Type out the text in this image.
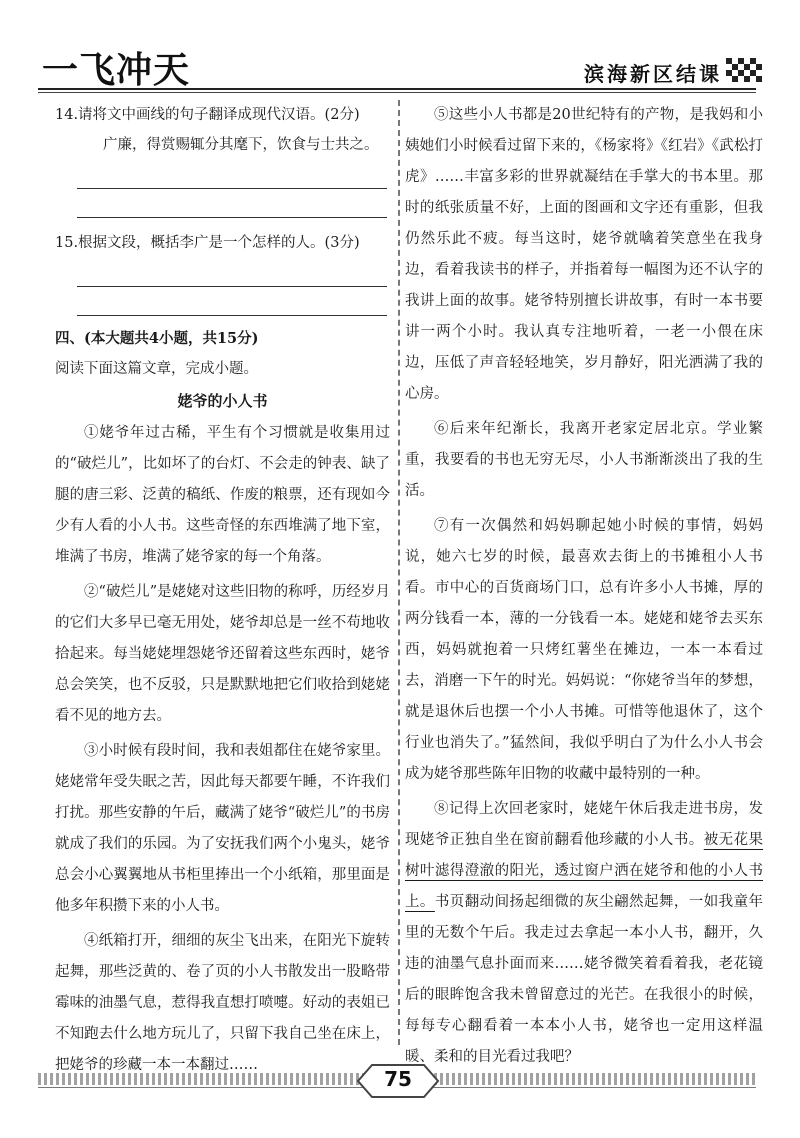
一飞冲天	滨海新区结课

14.请将文中画线的句子翻译成现代汉语。(2分)

广廉，得赏赐辄分其麾下，饮食与士共之。

15.根据文段，概括李广是一个怎样的人。(3分)

四、(本大题共4小题，共15分)

阅读下面这篇文章，完成小题。

姥爷的小人书

①姥爷年过古稀，平生有个习惯就是收集用过的“破烂儿”，比如坏了的台灯、不会走的钟表、缺了腿的唐三彩、泛黄的稿纸、作废的粮票，还有现如今少有人看的小人书。这些奇怪的东西堆满了地下室，堆满了书房，堆满了姥爷家的每一个角落。

②“破烂儿”是姥姥对这些旧物的称呼，历经岁月的它们大多早已毫无用处，姥爷却总是一丝不苟地收拾起来。每当姥姥埋怨姥爷还留着这些东西时，姥爷总会笑笑，也不反驳，只是默默地把它们收拾到姥姥看不见的地方去。

③小时候有段时间，我和表姐都住在姥爷家里。姥姥常年受失眠之苦，因此每天都要午睡，不许我们打扰。那些安静的午后，藏满了姥爷“破烂儿”的书房就成了我们的乐园。为了安抚我们两个小鬼头，姥爷总会小心翼翼地从书柜里捧出一个小纸箱，那里面是他多年积攒下来的小人书。

④纸箱打开，细细的灰尘飞出来，在阳光下旋转起舞，那些泛黄的、卷了页的小人书散发出一股略带霉味的油墨气息，惹得我直想打喷嚏。好动的表姐已不知跑去什么地方玩儿了，只留下我自己坐在床上，把姥爷的珍藏一本一本翻过……

⑤这些小人书都是20世纪特有的产物，是我妈和小姨她们小时候看过留下来的，《杨家将》《红岩》《武松打虎》……丰富多彩的世界就凝结在手掌大的书本里。那时的纸张质量不好，上面的图画和文字还有重影，但我仍然乐此不疲。每当这时，姥爷就噙着笑意坐在我身边，看着我读书的样子，并指着每一幅图为还不认字的我讲上面的故事。姥爷特别擅长讲故事，有时一本书要讲一两个小时。我认真专注地听着，一老一小偎在床边，压低了声音轻轻地笑，岁月静好，阳光洒满了我的心房。

⑥后来年纪渐长，我离开老家定居北京。学业繁重，我要看的书也无穷无尽，小人书渐渐淡出了我的生活。

⑦有一次偶然和妈妈聊起她小时候的事情，妈妈说，她六七岁的时候，最喜欢去街上的书摊租小人书看。市中心的百货商场门口，总有许多小人书摊，厚的两分钱看一本，薄的一分钱看一本。姥姥和姥爷去买东西，妈妈就抱着一只烤红薯坐在摊边，一本一本看过去，消磨一下午的时光。妈妈说：“你姥爷当年的梦想，就是退休后也摆一个小人书摊。可惜等他退休了，这个行业也消失了。”猛然间，我似乎明白了为什么小人书会成为姥爷那些陈年旧物的收藏中最特别的一种。

⑧记得上次回老家时，姥姥午休后我走进书房，发现姥爷正独自坐在窗前翻看他珍藏的小人书。被无花果树叶滤得澄澈的阳光，透过窗户洒在姥爷和他的小人书上。书页翻动间扬起细微的灰尘翩然起舞，一如我童年里的无数个午后。我走过去拿起一本小人书，翻开，久违的油墨气息扑面而来……姥爷微笑着看着我，老花镜后的眼眸饱含我未曾留意过的光芒。在我很小的时候，每每专心翻看着一本本小人书，姥爷也一定用这样温暖、柔和的目光看过我吧？

75
